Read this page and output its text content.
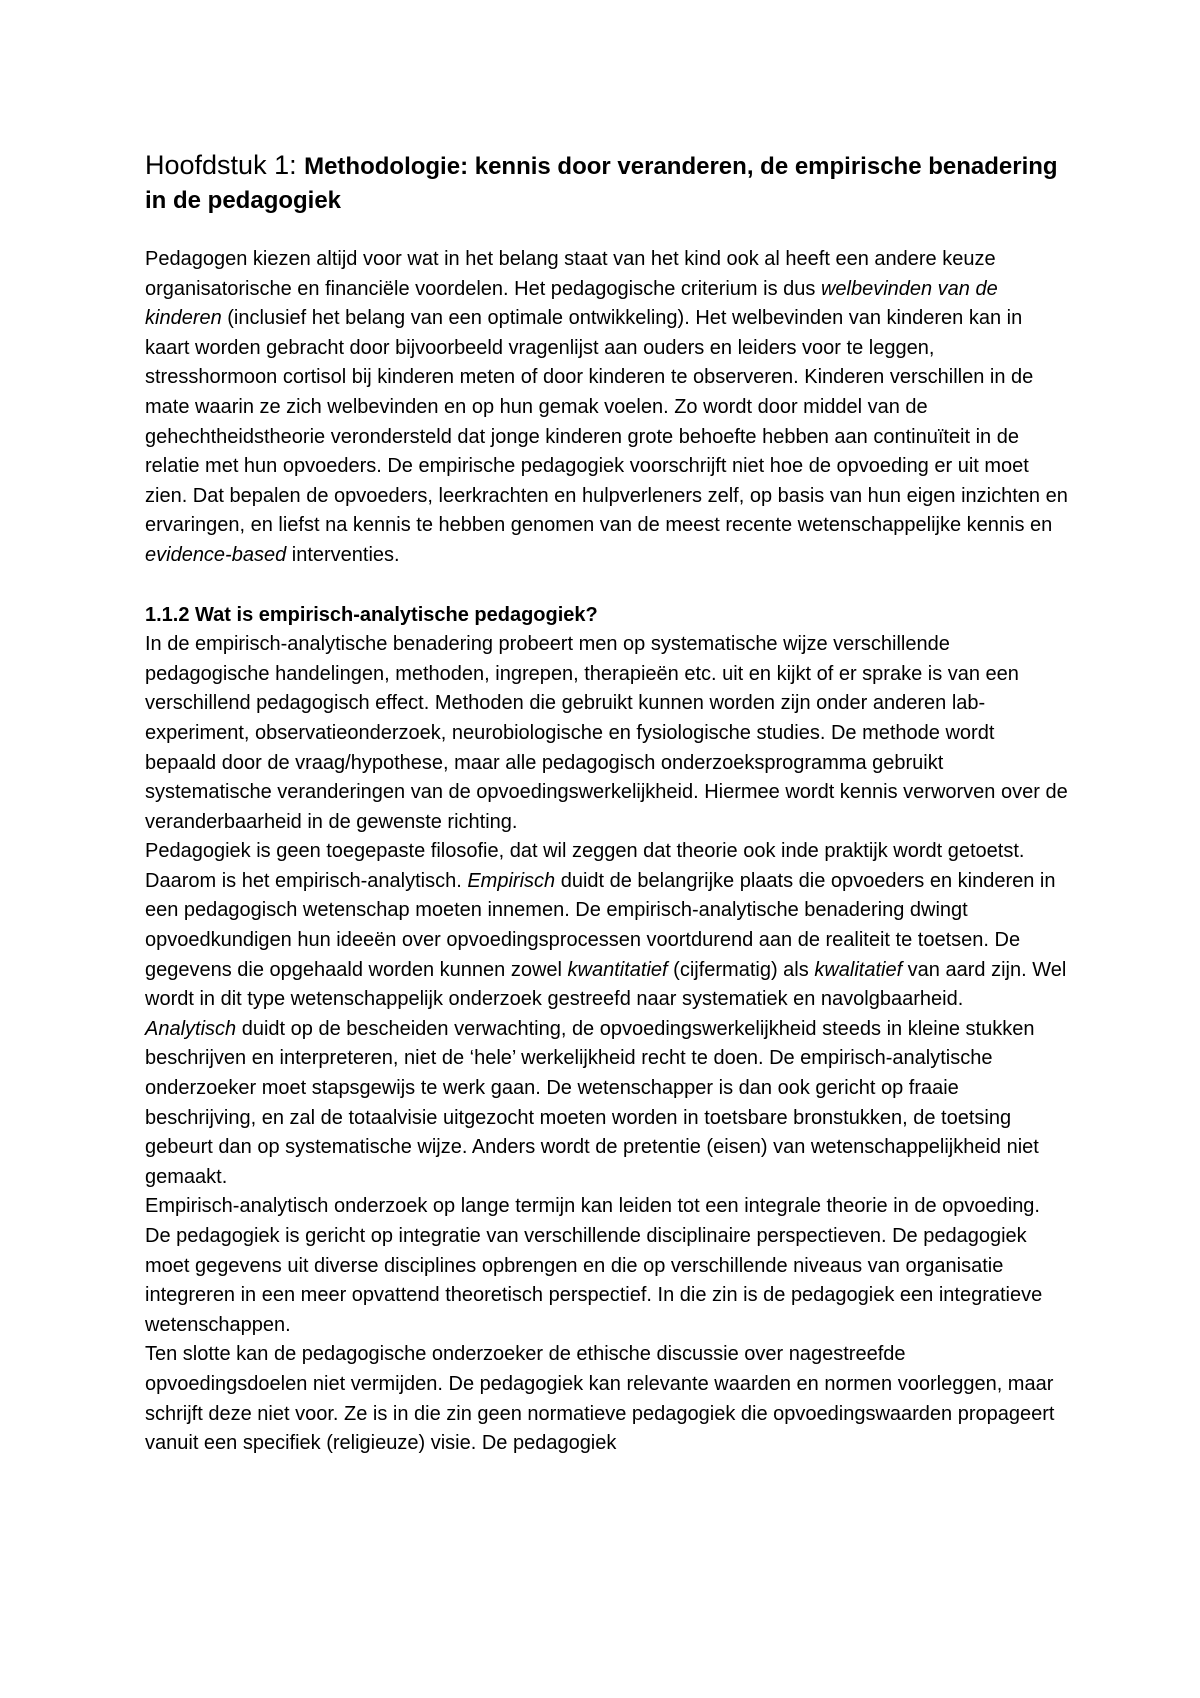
Hoofdstuk 1: Methodologie: kennis door veranderen, de empirische benadering in de pedagogiek

Pedagogen kiezen altijd voor wat in het belang staat van het kind ook al heeft een andere keuze organisatorische en financiële voordelen. Het pedagogische criterium is dus welbevinden van de kinderen (inclusief het belang van een optimale ontwikkeling). Het welbevinden van kinderen kan in kaart worden gebracht door bijvoorbeeld vragenlijst aan ouders en leiders voor te leggen, stresshormoon cortisol bij kinderen meten of door kinderen te observeren. Kinderen verschillen in de mate waarin ze zich welbevinden en op hun gemak voelen. Zo wordt door middel van de gehechtheidstheorie verondersteld dat jonge kinderen grote behoefte hebben aan continuïteit in de relatie met hun opvoeders. De empirische pedagogiek voorschrijft niet hoe de opvoeding er uit moet zien. Dat bepalen de opvoeders, leerkrachten en hulpverleners zelf, op basis van hun eigen inzichten en ervaringen, en liefst na kennis te hebben genomen van de meest recente wetenschappelijke kennis en evidence-based interventies.

1.1.2 Wat is empirisch-analytische pedagogiek?

In de empirisch-analytische benadering probeert men op systematische wijze verschillende pedagogische handelingen, methoden, ingrepen, therapieën etc. uit en kijkt of er sprake is van een verschillend pedagogisch effect. Methoden die gebruikt kunnen worden zijn onder anderen lab-experiment, observatieonderzoek, neurobiologische en fysiologische studies. De methode wordt bepaald door de vraag/hypothese, maar alle pedagogisch onderzoeksprogramma gebruikt systematische veranderingen van de opvoedingswerkelijkheid. Hiermee wordt kennis verworven over de veranderbaarheid in de gewenste richting.

Pedagogiek is geen toegepaste filosofie, dat wil zeggen dat theorie ook inde praktijk wordt getoetst. Daarom is het empirisch-analytisch. Empirisch duidt de belangrijke plaats die opvoeders en kinderen in een pedagogisch wetenschap moeten innemen. De empirisch-analytische benadering dwingt opvoedkundigen hun ideeën over opvoedingsprocessen voortdurend aan de realiteit te toetsen. De gegevens die opgehaald worden kunnen zowel kwantitatief (cijfermatig) als kwalitatief van aard zijn. Wel wordt in dit type wetenschappelijk onderzoek gestreefd naar systematiek en navolgbaarheid.

Analytisch duidt op de bescheiden verwachting, de opvoedingswerkelijkheid steeds in kleine stukken beschrijven en interpreteren, niet de ‘hele’ werkelijkheid recht te doen. De empirisch-analytische onderzoeker moet stapsgewijs te werk gaan. De wetenschapper is dan ook gericht op fraaie beschrijving, en zal de totaalvisie uitgezocht moeten worden in toetsbare bronstukken, de toetsing gebeurt dan op systematische wijze. Anders wordt de pretentie (eisen) van wetenschappelijkheid niet gemaakt.

Empirisch-analytisch onderzoek op lange termijn kan leiden tot een integrale theorie in de opvoeding. De pedagogiek is gericht op integratie van verschillende disciplinaire perspectieven. De pedagogiek moet gegevens uit diverse disciplines opbrengen en die op verschillende niveaus van organisatie integreren in een meer opvattend theoretisch perspectief. In die zin is de pedagogiek een integratieve wetenschappen.

Ten slotte kan de pedagogische onderzoeker de ethische discussie over nagestreefde opvoedingsdoelen niet vermijden. De pedagogiek kan relevante waarden en normen voorleggen, maar schrijft deze niet voor. Ze is in die zin geen normatieve pedagogiek die opvoedingswaarden propageert vanuit een specifiek (religieuze) visie. De pedagogiek
